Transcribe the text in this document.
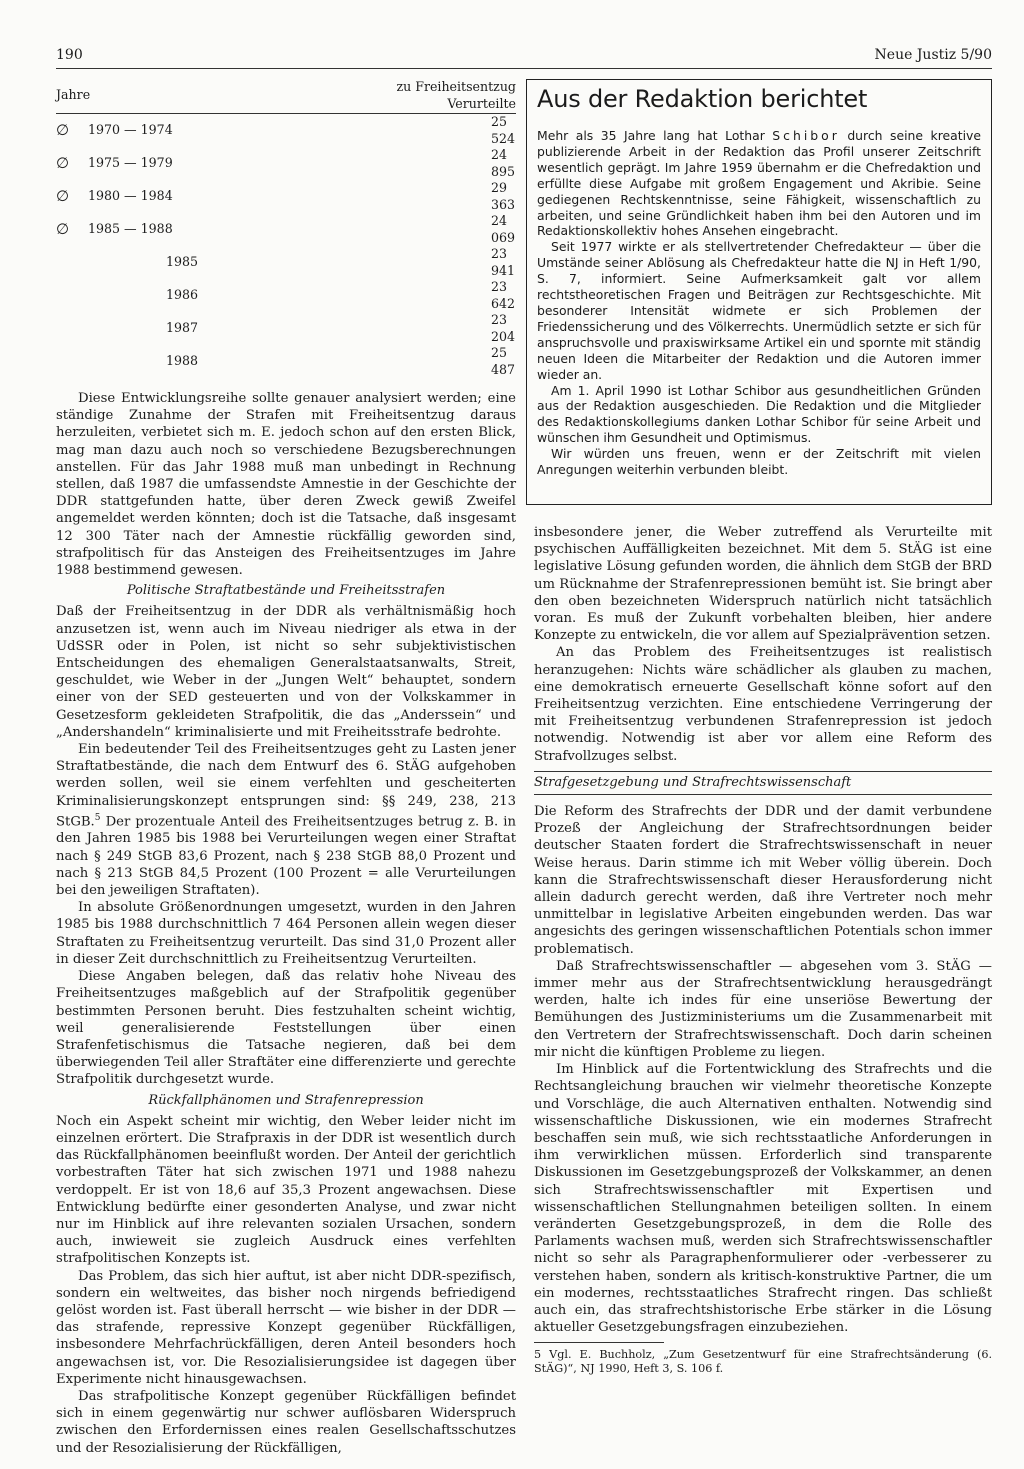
190	Neue Justiz 5/90
Jahre		zu Freiheitsentzug Verurteilte
∅	1970 — 1974	25 524
∅	1975 — 1979	24 895
∅	1980 — 1984	29 363
∅	1985 — 1988	24 069
	1985	23 941
	1986	23 642
	1987	23 204
	1988	25 487

Diese Entwicklungsreihe sollte genauer analysiert werden; eine ständige Zunahme der Strafen mit Freiheitsentzug daraus herzuleiten, verbietet sich m. E. jedoch schon auf den ersten Blick, mag man dazu auch noch so verschiedene Bezugsberechnungen anstellen. Für das Jahr 1988 muß man unbedingt in Rechnung stellen, daß 1987 die umfassendste Amnestie in der Geschichte der DDR stattgefunden hatte, über deren Zweck gewiß Zweifel angemeldet werden könnten; doch ist die Tatsache, daß insgesamt 12 300 Täter nach der Amnestie rückfällig geworden sind, strafpolitisch für das Ansteigen des Freiheitsentzuges im Jahre 1988 bestimmend gewesen.

Politische Straftatbestände und Freiheitsstrafen

Daß der Freiheitsentzug in der DDR als verhältnismäßig hoch anzusetzen ist, wenn auch im Niveau niedriger als etwa in der UdSSR oder in Polen, ist nicht so sehr subjektivistischen Entscheidungen des ehemaligen Generalstaatsanwalts, Streit, geschuldet, wie Weber in der „Jungen Welt“ behauptet, sondern einer von der SED gesteuerten und von der Volkskammer in Gesetzesform gekleideten Strafpolitik, die das „Anderssein“ und „Andershandeln“ kriminalisierte und mit Freiheitsstrafe bedrohte.

Ein bedeutender Teil des Freiheitsentzuges geht zu Lasten jener Straftatbestände, die nach dem Entwurf des 6. StÄG aufgehoben werden sollen, weil sie einem verfehlten und gescheiterten Kriminalisierungskonzept entsprungen sind: §§ 249, 238, 213 StGB.$^5$ Der prozentuale Anteil des Freiheitsentzuges betrug z. B. in den Jahren 1985 bis 1988 bei Verurteilungen wegen einer Straftat nach § 249 StGB 83,6 Prozent, nach § 238 StGB 88,0 Prozent und nach § 213 StGB 84,5 Prozent (100 Prozent = alle Verurteilungen bei den jeweiligen Straftaten).

In absolute Größenordnungen umgesetzt, wurden in den Jahren 1985 bis 1988 durchschnittlich 7 464 Personen allein wegen dieser Straftaten zu Freiheitsentzug verurteilt. Das sind 31,0 Prozent aller in dieser Zeit durchschnittlich zu Freiheitsentzug Verurteilten.

Diese Angaben belegen, daß das relativ hohe Niveau des Freiheitsentzuges maßgeblich auf der Strafpolitik gegenüber bestimmten Personen beruht. Dies festzuhalten scheint wichtig, weil generalisierende Feststellungen über einen Strafenfetischismus die Tatsache negieren, daß bei dem überwiegenden Teil aller Straftäter eine differenzierte und gerechte Strafpolitik durchgesetzt wurde.

Rückfallphänomen und Strafenrepression

Noch ein Aspekt scheint mir wichtig, den Weber leider nicht im einzelnen erörtert. Die Strafpraxis in der DDR ist wesentlich durch das Rückfallphänomen beeinflußt worden. Der Anteil der gerichtlich vorbestraften Täter hat sich zwischen 1971 und 1988 nahezu verdoppelt. Er ist von 18,6 auf 35,3 Prozent angewachsen. Diese Entwicklung bedürfte einer gesonderten Analyse, und zwar nicht nur im Hinblick auf ihre relevanten sozialen Ursachen, sondern auch, inwieweit sie zugleich Ausdruck eines verfehlten strafpolitischen Konzepts ist.

Das Problem, das sich hier auftut, ist aber nicht DDR-spezifisch, sondern ein weltweites, das bisher noch nirgends befriedigend gelöst worden ist. Fast überall herrscht — wie bisher in der DDR — das strafende, repressive Konzept gegenüber Rückfälligen, insbesondere Mehrfachrückfälligen, deren Anteil besonders hoch angewachsen ist, vor. Die Resozialisierungsidee ist dagegen über Experimente nicht hinausgewachsen.

Das strafpolitische Konzept gegenüber Rückfälligen befindet sich in einem gegenwärtig nur schwer auflösbaren Widerspruch zwischen den Erfordernissen eines realen Gesellschaftsschutzes und der Resozialisierung der Rückfälligen,

Aus der Redaktion berichtet

Mehr als 35 Jahre lang hat Lothar Schibor durch seine kreative publizierende Arbeit in der Redaktion das Profil unserer Zeitschrift wesentlich geprägt. Im Jahre 1959 übernahm er die Chefredaktion und erfüllte diese Aufgabe mit großem Engagement und Akribie. Seine gediegenen Rechtskenntnisse, seine Fähigkeit, wissenschaftlich zu arbeiten, und seine Gründlichkeit haben ihm bei den Autoren und im Redaktionskollektiv hohes Ansehen eingebracht.

Seit 1977 wirkte er als stellvertretender Chefredakteur — über die Umstände seiner Ablösung als Chefredakteur hatte die NJ in Heft 1/90, S. 7, informiert. Seine Aufmerksamkeit galt vor allem rechtstheoretischen Fragen und Beiträgen zur Rechtsgeschichte. Mit besonderer Intensität widmete er sich Problemen der Friedenssicherung und des Völkerrechts. Unermüdlich setzte er sich für anspruchsvolle und praxiswirksame Artikel ein und spornte mit ständig neuen Ideen die Mitarbeiter der Redaktion und die Autoren immer wieder an.

Am 1. April 1990 ist Lothar Schibor aus gesundheitlichen Gründen aus der Redaktion ausgeschieden. Die Redaktion und die Mitglieder des Redaktionskollegiums danken Lothar Schibor für seine Arbeit und wünschen ihm Gesundheit und Optimismus.

Wir würden uns freuen, wenn er der Zeitschrift mit vielen Anregungen weiterhin verbunden bleibt.

insbesondere jener, die Weber zutreffend als Verurteilte mit psychischen Auffälligkeiten bezeichnet. Mit dem 5. StÄG ist eine legislative Lösung gefunden worden, die ähnlich dem StGB der BRD um Rücknahme der Strafenrepressionen bemüht ist. Sie bringt aber den oben bezeichneten Widerspruch natürlich nicht tatsächlich voran. Es muß der Zukunft vorbehalten bleiben, hier andere Konzepte zu entwickeln, die vor allem auf Spezialprävention setzen.

An das Problem des Freiheitsentzuges ist realistisch heranzugehen: Nichts wäre schädlicher als glauben zu machen, eine demokratisch erneuerte Gesellschaft könne sofort auf den Freiheitsentzug verzichten. Eine entschiedene Verringerung der mit Freiheitsentzug verbundenen Strafenrepression ist jedoch notwendig. Notwendig ist aber vor allem eine Reform des Strafvollzuges selbst.

Strafgesetzgebung und Strafrechtswissenschaft

Die Reform des Strafrechts der DDR und der damit verbundene Prozeß der Angleichung der Strafrechtsordnungen beider deutscher Staaten fordert die Strafrechtswissenschaft in neuer Weise heraus. Darin stimme ich mit Weber völlig überein. Doch kann die Strafrechtswissenschaft dieser Herausforderung nicht allein dadurch gerecht werden, daß ihre Vertreter noch mehr unmittelbar in legislative Arbeiten eingebunden werden. Das war angesichts des geringen wissenschaftlichen Potentials schon immer problematisch.

Daß Strafrechtswissenschaftler — abgesehen vom 3. StÄG — immer mehr aus der Strafrechtsentwicklung herausgedrängt werden, halte ich indes für eine unseriöse Bewertung der Bemühungen des Justizministeriums um die Zusammenarbeit mit den Vertretern der Strafrechtswissenschaft. Doch darin scheinen mir nicht die künftigen Probleme zu liegen.

Im Hinblick auf die Fortentwicklung des Strafrechts und die Rechtsangleichung brauchen wir vielmehr theoretische Konzepte und Vorschläge, die auch Alternativen enthalten. Notwendig sind wissenschaftliche Diskussionen, wie ein modernes Strafrecht beschaffen sein muß, wie sich rechtsstaatliche Anforderungen in ihm verwirklichen müssen. Erforderlich sind transparente Diskussionen im Gesetzgebungsprozeß der Volkskammer, an denen sich Strafrechtswissenschaftler mit Expertisen und wissenschaftlichen Stellungnahmen beteiligen sollten. In einem veränderten Gesetzgebungsprozeß, in dem die Rolle des Parlaments wachsen muß, werden sich Strafrechtswissenschaftler nicht so sehr als Paragraphenformulierer oder -verbesserer zu verstehen haben, sondern als kritisch-konstruktive Partner, die um ein modernes, rechtsstaatliches Strafrecht ringen. Das schließt auch ein, das strafrechtshistorische Erbe stärker in die Lösung aktueller Gesetzgebungsfragen einzubeziehen.

5 Vgl. E. Buchholz, „Zum Gesetzentwurf für eine Strafrechtsänderung (6. StÄG)“, NJ 1990, Heft 3, S. 106 f.
